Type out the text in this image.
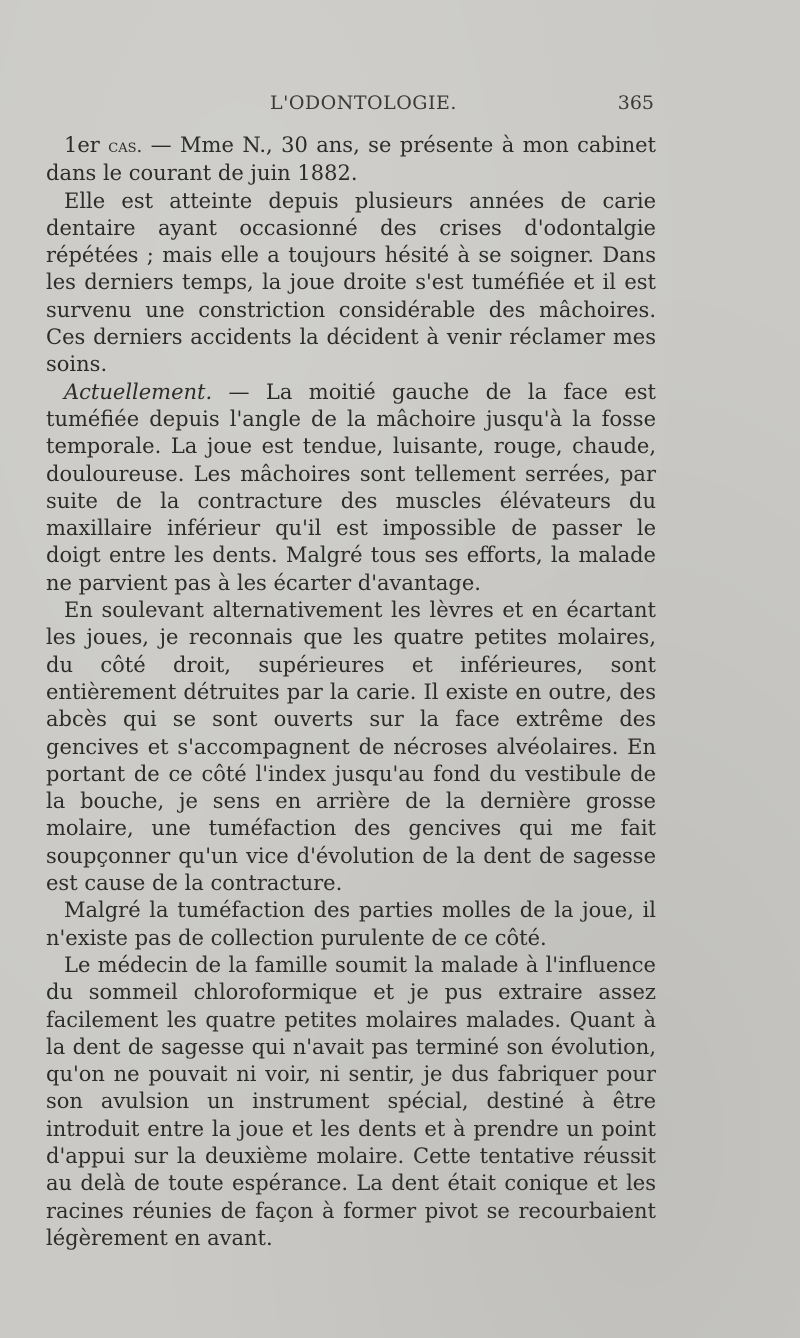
L'ODONTOLOGIE.	365

1er cas. — Mme N., 30 ans, se présente à mon cabinet dans le courant de juin 1882.

Elle est atteinte depuis plusieurs années de carie dentaire ayant occasionné des crises d'odontalgie répétées ; mais elle a toujours hésité à se soigner. Dans les derniers temps, la joue droite s'est tuméfiée et il est survenu une constriction considérable des mâchoires. Ces derniers accidents la décident à venir réclamer mes soins.

Actuellement. — La moitié gauche de la face est tuméfiée depuis l'angle de la mâchoire jusqu'à la fosse temporale. La joue est tendue, luisante, rouge, chaude, douloureuse. Les mâchoires sont tellement serrées, par suite de la contracture des muscles élévateurs du maxillaire inférieur qu'il est impossible de passer le doigt entre les dents. Malgré tous ses efforts, la malade ne parvient pas à les écarter d'avantage.

En soulevant alternativement les lèvres et en écartant les joues, je reconnais que les quatre petites molaires, du côté droit, supérieures et inférieures, sont entièrement détruites par la carie. Il existe en outre, des abcès qui se sont ouverts sur la face extrême des gencives et s'accompagnent de nécroses alvéolaires. En portant de ce côté l'index jusqu'au fond du vestibule de la bouche, je sens en arrière de la dernière grosse molaire, une tuméfaction des gencives qui me fait soupçonner qu'un vice d'évolution de la dent de sagesse est cause de la contracture.

Malgré la tuméfaction des parties molles de la joue, il n'existe pas de collection purulente de ce côté.

Le médecin de la famille soumit la malade à l'influence du sommeil chloroformique et je pus extraire assez facilement les quatre petites molaires malades. Quant à la dent de sagesse qui n'avait pas terminé son évolution, qu'on ne pouvait ni voir, ni sentir, je dus fabriquer pour son avulsion un instrument spécial, destiné à être introduit entre la joue et les dents et à prendre un point d'appui sur la deuxième molaire. Cette tentative réussit au delà de toute espérance. La dent était conique et les racines réunies de façon à former pivot se recourbaient légèrement en avant.
